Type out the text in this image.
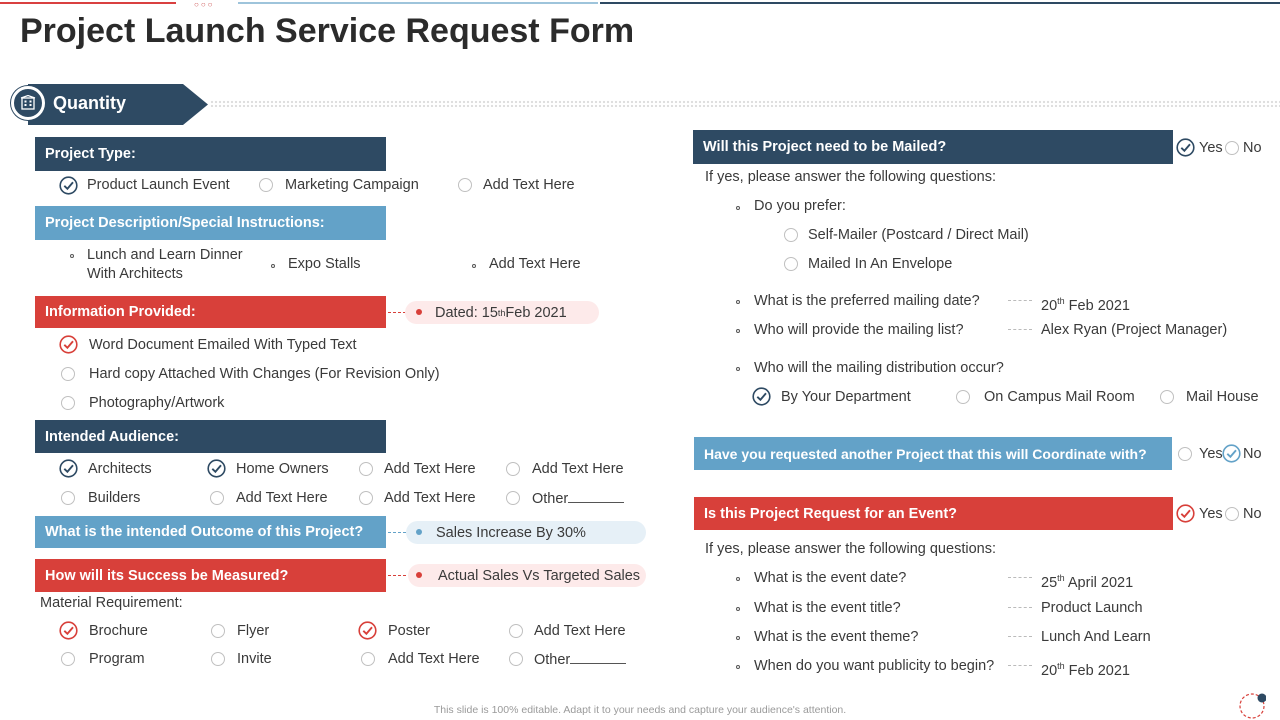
○○○
Project Launch Service Request Form
Quantity
Project Type:
Product Launch Event	Marketing Campaign	Add Text Here
Project Description/Special Instructions:
Lunch and Learn Dinner
With Architects
Expo Stalls	Add Text Here
Information Provided:	Dated: 15 th Feb 2021
Word Document Emailed With Typed Text
Hard copy Attached With Changes (For Revision Only)
Photography/Artwork
Intended Audience:
Architects	Home Owners	Add Text Here	Add Text Here
Builders	Add Text Here	Add Text Here	Other
What is the intended Outcome of this Project?	Sales Increase By 30%
How will its Success be Measured?	Actual Sales Vs Targeted Sales
Material Requirement:
Brochure	Flyer	Poster	Add Text Here
Program	Invite	Add Text Here	Other
Will this Project need to be Mailed?	Yes No
If yes, please answer the following questions:
Do you prefer:
Self-Mailer (Postcard / Direct Mail)
Mailed In An Envelope
What is the preferred mailing date?	20th Feb 2021
Who will provide the mailing list?	Alex Ryan (Project Manager)
Who will the mailing distribution occur?
By Your Department	On Campus Mail Room	Mail House
Have you requested another Project that this will Coordinate with?	Yes No
Is this Project Request for an Event?	Yes No
If yes, please answer the following questions:
What is the event date?	25th April 2021
What is the event title?	Product Launch
What is the event theme?	Lunch And Learn
When do you want publicity to begin?	20th Feb 2021
This slide is 100% editable. Adapt it to your needs and capture your audience's attention.
